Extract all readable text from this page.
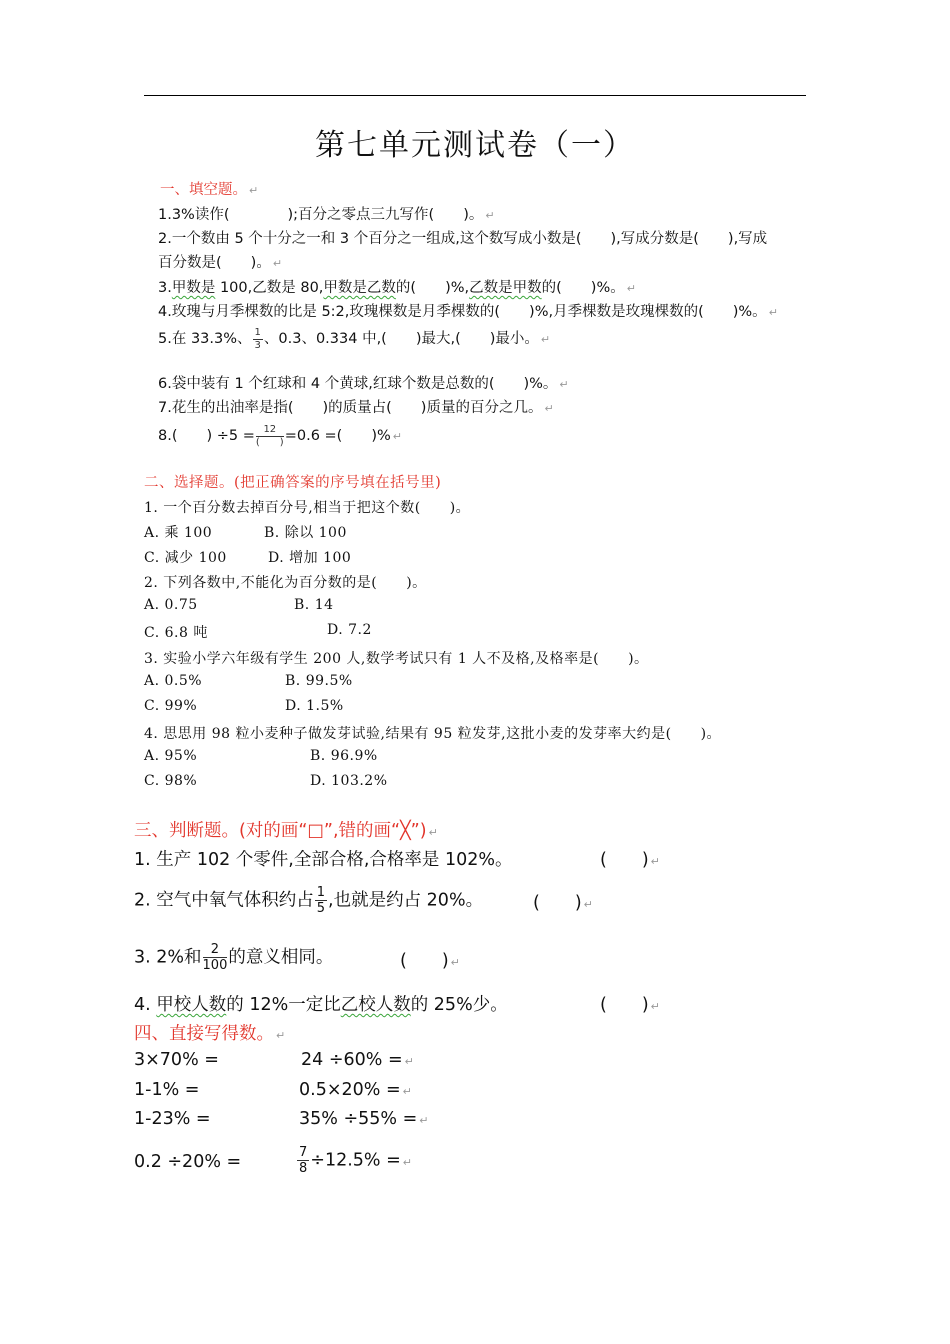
第七单元测试卷（一）
一、填空题。 ↵
1.3%读作(　　　　);百分之零点三九写作(　　)。 ↵
2.一个数由 5 个十分之一和 3 个百分之一组成,这个数写成小数是(　　),写成分数是(　　),写成
百分数是(　　)。 ↵
3.甲数是 100,乙数是 80,甲数是乙数的(　　)%,乙数是甲数的(　　)%。 ↵
4.玫瑰与月季棵数的比是 5:2,玫瑰棵数是月季棵数的(　　)%,月季棵数是玫瑰棵数的(　　)%。 ↵
5.在 33.3%、 $\frac{1}{3}$ 、0.3、0.334 中,(　　)最大,(　　)最小。 ↵
6.袋中装有 1 个红球和 4 个黄球,红球个数是总数的(　　)%。 ↵
7.花生的出油率是指(　　)的质量占(　　)质量的百分之几。 ↵
8.(　　) $\div 5 = \frac{12}{( )} =0.6$ =(　　)% ↵
二、选择题。(把正确答案的序号填在括号里)
1. 一个百分数去掉百分号,相当于把这个数(　　)。
A. 乘 100	B. 除以 100
C. 减少 100	D. 增加 100
2. 下列各数中,不能化为百分数的是(　　)。
A. 0.75	B. 14
C. 6.8 吨	D. 7.2
3. 实验小学六年级有学生 200 人,数学考试只有 1 人不及格,及格率是(　　)。
A. 0.5%	B. 99.5%
C. 99%	D. 1.5%
4. 思思用 98 粒小麦种子做发芽试验,结果有 95 粒发芽,这批小麦的发芽率大约是(　　)。
A. 95%	B. 96.9%
C. 98%	D. 103.2%
三、判断题。(对的画“□”,错的画“╳”) ↵
1. 生产 102 个零件,全部合格,合格率是 102%。	(　　) ↵
2. 空气中氧气体积约占 $\frac{1}{5}$ ,也就是约占 20%。	(　　) ↵
3. 2%和 $\frac{2}{100}$ 的意义相同。	(　　) ↵
4. 甲校人数的 12%一定比乙校人数的 25%少。	(　　) ↵
四、直接写得数。 ↵
3×70% =	24 ÷60% = ↵
1-1% =	0.5×20% = ↵
1-23% =	35% ÷55% = ↵
0.2 ÷20% =	$\frac{7}{8} \div 12.5\%$ = ↵
